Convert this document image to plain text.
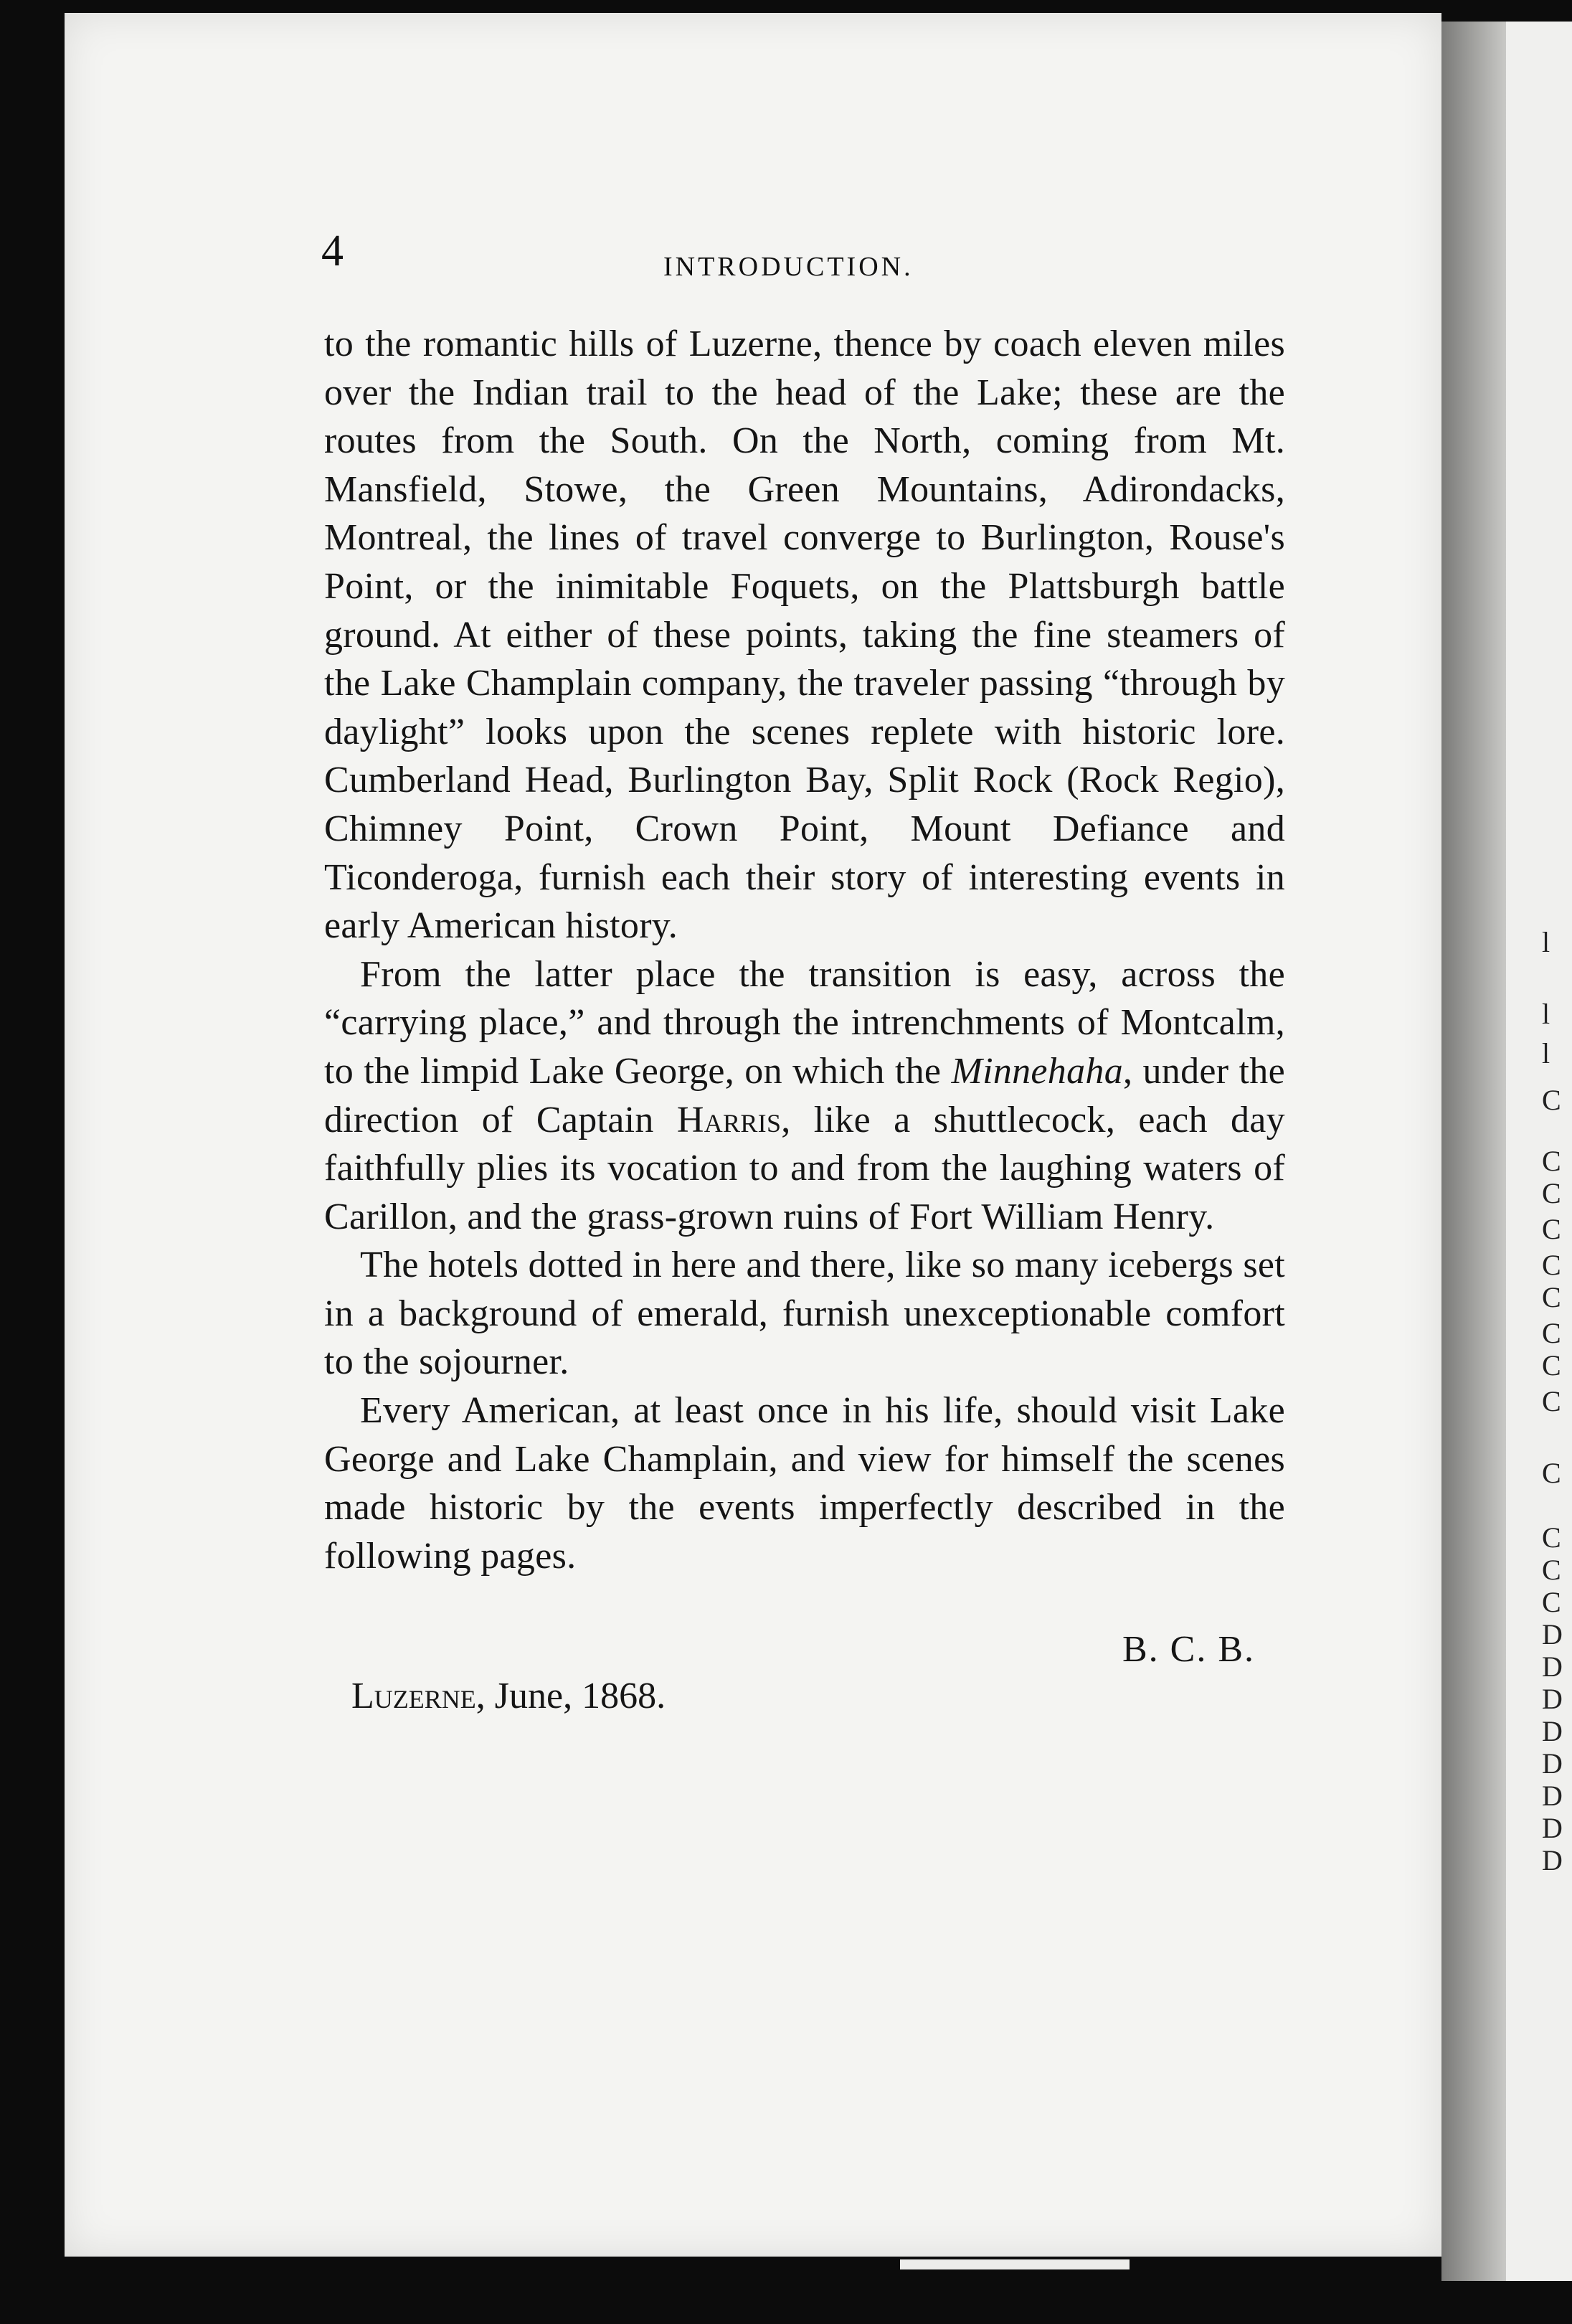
l
l
l
C
C
C
C
C
C
C
C
C
C
C
C
C
D
D
D
D
D
D
D
D
4	INTRODUCTION.

to the romantic hills of Luzerne, thence by coach eleven miles over the Indian trail to the head of the Lake; these are the routes from the South. On the North, coming from Mt. Mansfield, Stowe, the Green Mountains, Adirondacks, Montreal, the lines of travel converge to Burlington, Rouse's Point, or the inimitable Foquets, on the Plattsburgh battle ground. At either of these points, taking the fine steamers of the Lake Champlain company, the traveler passing “through by daylight” looks upon the scenes replete with historic lore. Cumberland Head, Burlington Bay, Split Rock (Rock Regio), Chimney Point, Crown Point, Mount Defiance and Ticonderoga, furnish each their story of interesting events in early American history.

From the latter place the transition is easy, across the “carrying place,” and through the intrenchments of Montcalm, to the limpid Lake George, on which the Minnehaha, under the direction of Captain Harris, like a shuttlecock, each day faithfully plies its vocation to and from the laughing waters of Carillon, and the grass-grown ruins of Fort William Henry.

The hotels dotted in here and there, like so many icebergs set in a background of emerald, furnish unexceptionable comfort to the sojourner.

Every American, at least once in his life, should visit Lake George and Lake Champlain, and view for himself the scenes made historic by the events imperfectly described in the following pages.

B. C. B.
Luzerne, June, 1868.
